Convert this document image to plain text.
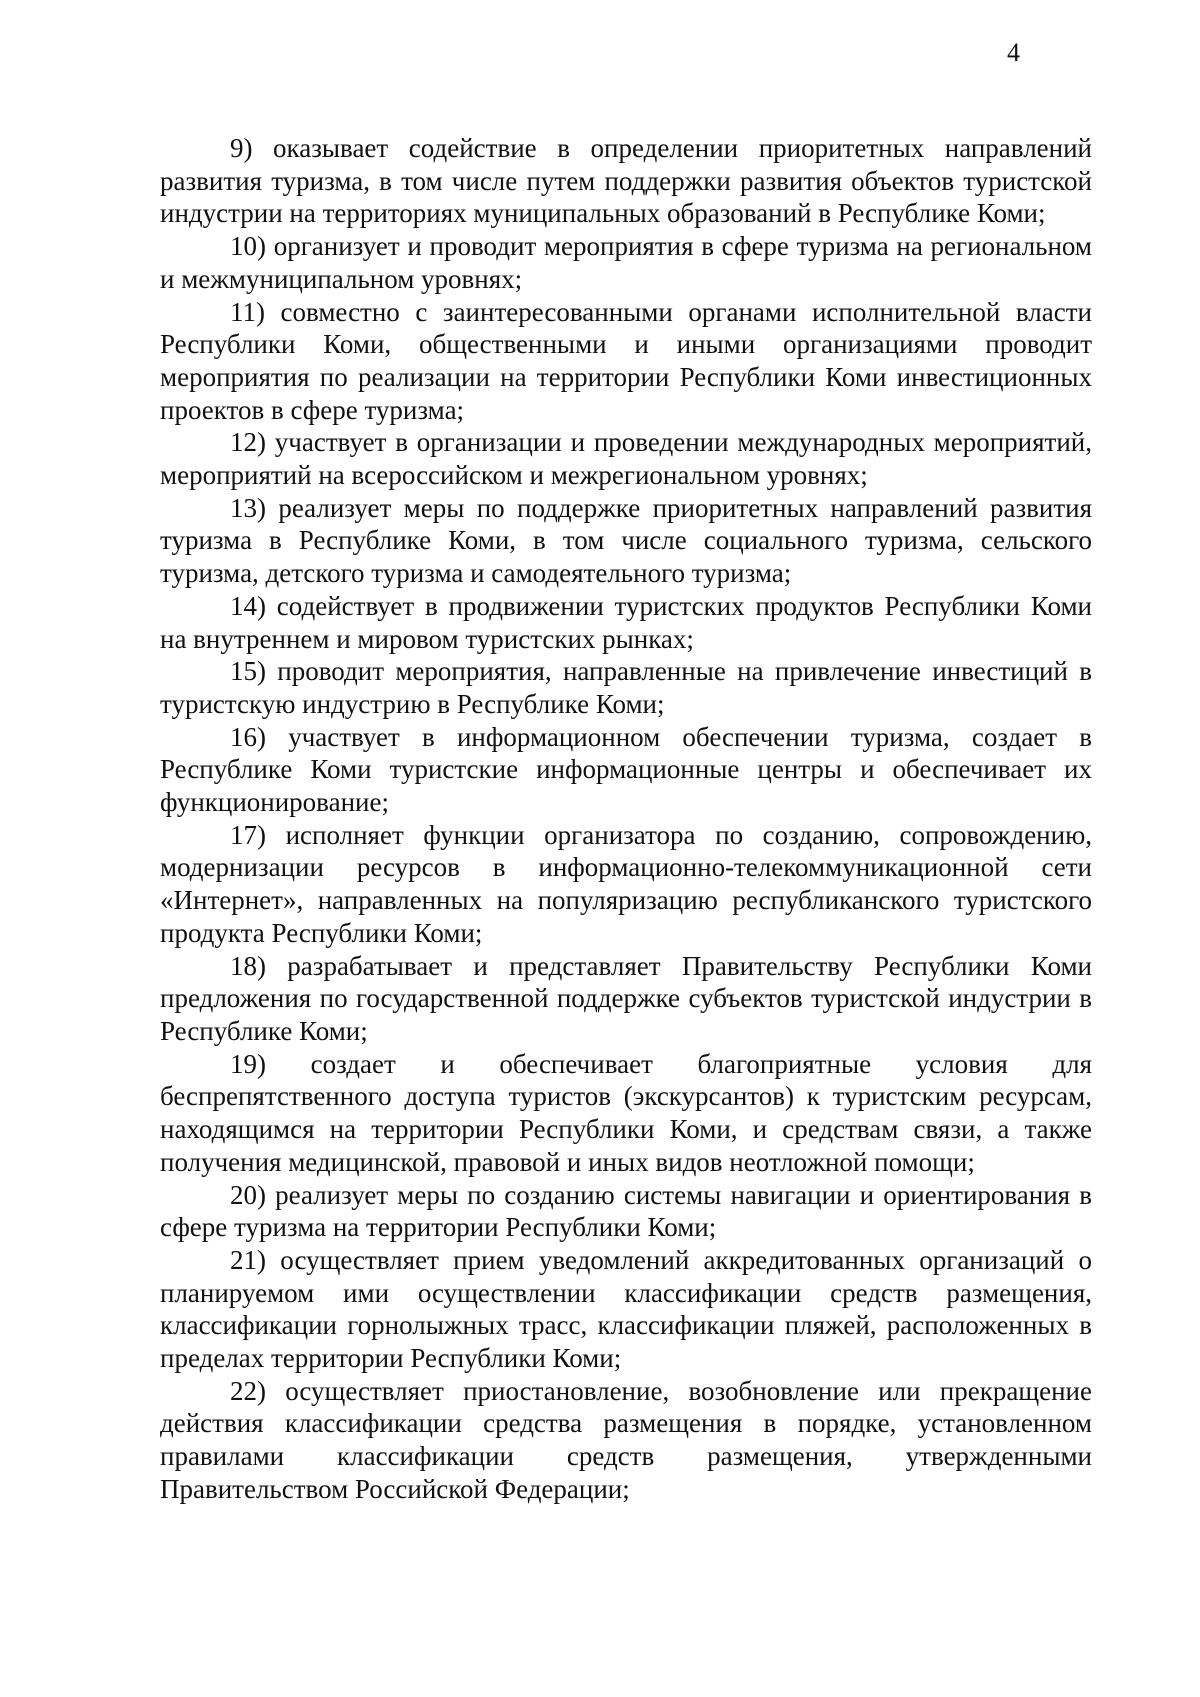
4

9) оказывает содействие в определении приоритетных направлений развития туризма, в том числе путем поддержки развития объектов туристской индустрии на территориях муниципальных образований в Республике Коми;

10) организует и проводит мероприятия в сфере туризма на региональном и межмуниципальном уровнях;

11) совместно с заинтересованными органами исполнительной власти Республики Коми, общественными и иными организациями проводит мероприятия по реализации на территории Республики Коми инвестиционных проектов в сфере туризма;

12) участвует в организации и проведении международных мероприятий, мероприятий на всероссийском и межрегиональном уровнях;

13) реализует меры по поддержке приоритетных направлений развития туризма в Республике Коми, в том числе социального туризма, сельского туризма, детского туризма и самодеятельного туризма;

14) содействует в продвижении туристских продуктов Республики Коми на внутреннем и мировом туристских рынках;

15) проводит мероприятия, направленные на привлечение инвестиций в туристскую индустрию в Республике Коми;

16) участвует в информационном обеспечении туризма, создает в Республике Коми туристские информационные центры и обеспечивает их функционирование;

17) исполняет функции организатора по созданию, сопровождению, модернизации ресурсов в информационно-телекоммуникационной сети «Интернет», направленных на популяризацию республиканского туристского продукта Республики Коми;

18) разрабатывает и представляет Правительству Республики Коми предложения по государственной поддержке субъектов туристской индустрии в Республике Коми;

19) создает и обеспечивает благоприятные условия для беспрепятственного доступа туристов (экскурсантов) к туристским ресурсам, находящимся на территории Республики Коми, и средствам связи, а также получения медицинской, правовой и иных видов неотложной помощи;

20) реализует меры по созданию системы навигации и ориентирования в сфере туризма на территории Республики Коми;

21) осуществляет прием уведомлений аккредитованных организаций о планируемом ими осуществлении классификации средств размещения, классификации горнолыжных трасс, классификации пляжей, расположенных в пределах территории Республики Коми;

22) осуществляет приостановление, возобновление или прекращение действия классификации средства размещения в порядке, установленном правилами классификации средств размещения, утвержденными Правительством Российской Федерации;
